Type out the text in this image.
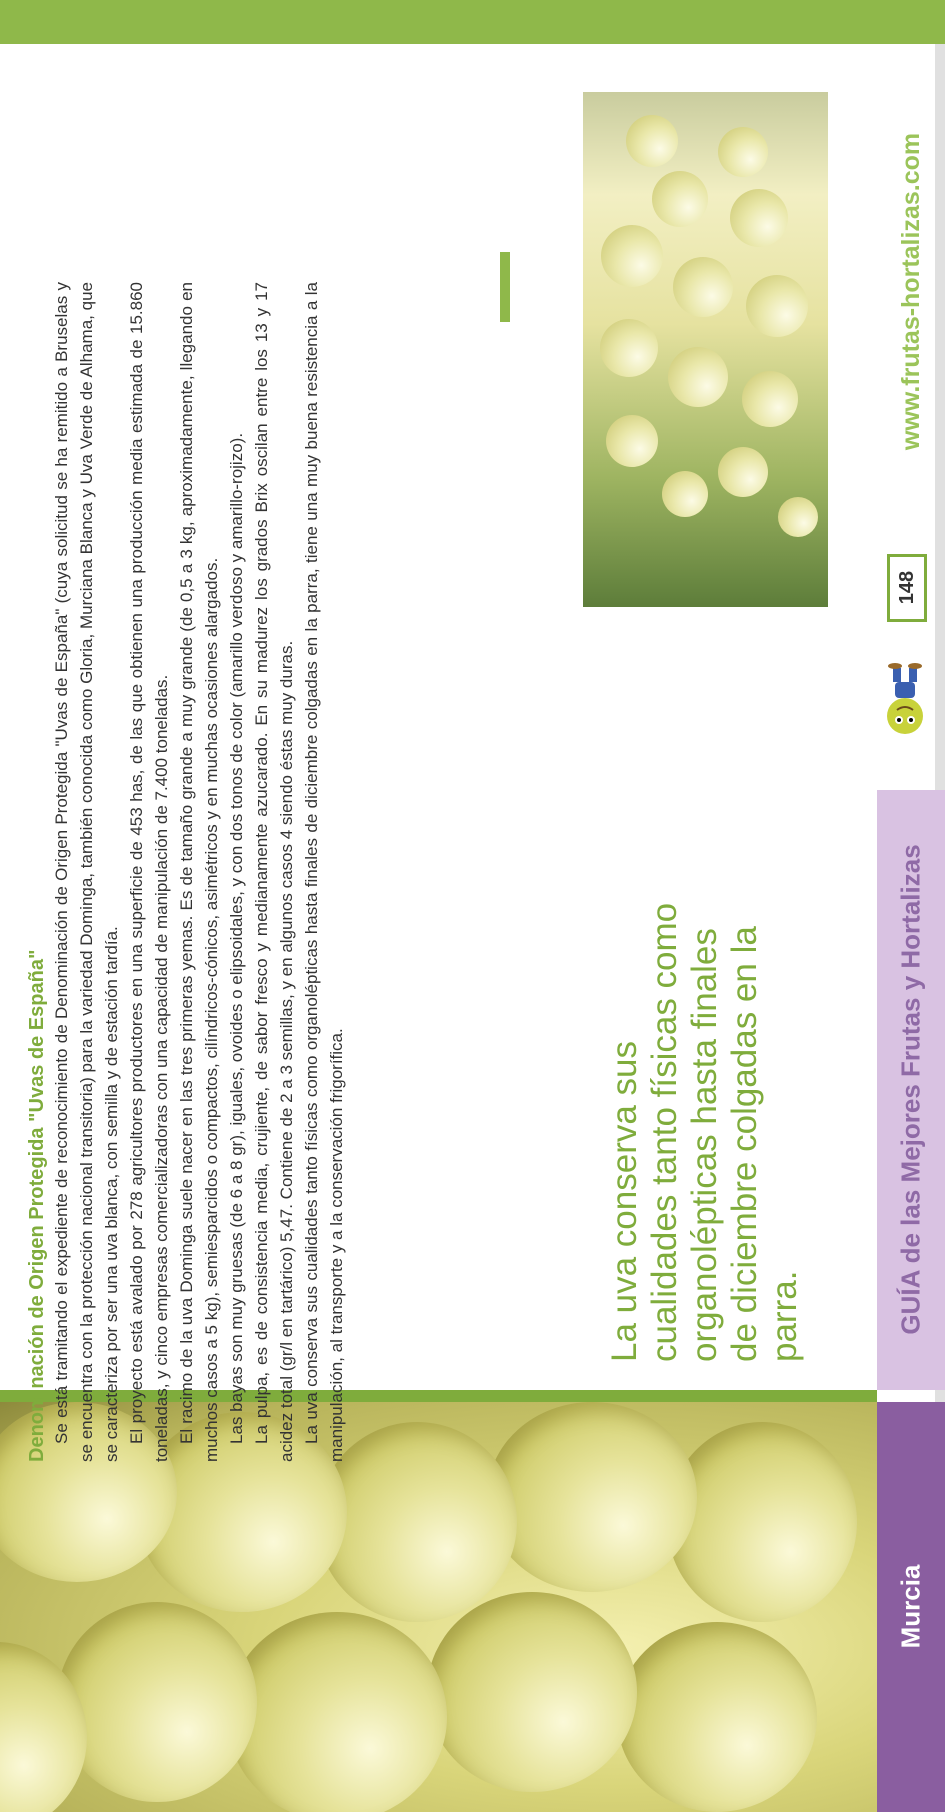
Murcia
GUÍA de las Mejores Frutas y Hortalizas
148
www.frutas-hortalizas.com

La uva conserva sus cualidades tanto físicas como organolépticas hasta finales de diciembre colgadas en la parra.

Denominación de Origen Protegida "Uvas de España" Se está tramitando el expediente de reconocimiento de Denominación de Origen Protegida "Uvas de España" (cuya solicitud se ha remitido a Bruselas y se encuentra con la protección nacional transitoria) para la variedad Dominga, también conocida como Gloria, Murciana Blanca y Uva Verde de Alhama, que se caracteriza por ser una uva blanca, con semilla y de estación tardía. El proyecto está avalado por 278 agricultores productores en una superficie de 453 has, de las que obtienen una producción media estimada de 15.860 toneladas, y cinco empresas comercializadoras con una capacidad de manipulación de 7.400 toneladas. El racimo de la uva Dominga suele nacer en las tres primeras yemas. Es de tamaño grande a muy grande (de 0,5 a 3 kg, aproximadamente, llegando en muchos casos a 5 kg), semiesparcidos o compactos, cilíndricos-cónicos, asimétricos y en muchas ocasiones alargados. Las bayas son muy gruesas (de 6 a 8 gr), iguales, ovoides o elipsoidales, y con dos tonos de color (amarillo verdoso y amarillo-rojizo). La pulpa, es de consistencia media, crujiente, de sabor fresco y medianamente azucarado. En su madurez los grados Brix oscilan entre los 13 y 17 acidez total (gr/l en tartárico) 5,47. Contiene de 2 a 3 semillas, y en algunos casos 4 siendo éstas muy duras. La uva conserva sus cualidades tanto físicas como organolépticas hasta finales de diciembre colgadas en la parra, tiene una muy buena resistencia a la manipulación, al transporte y a la conservación frigorífica.
